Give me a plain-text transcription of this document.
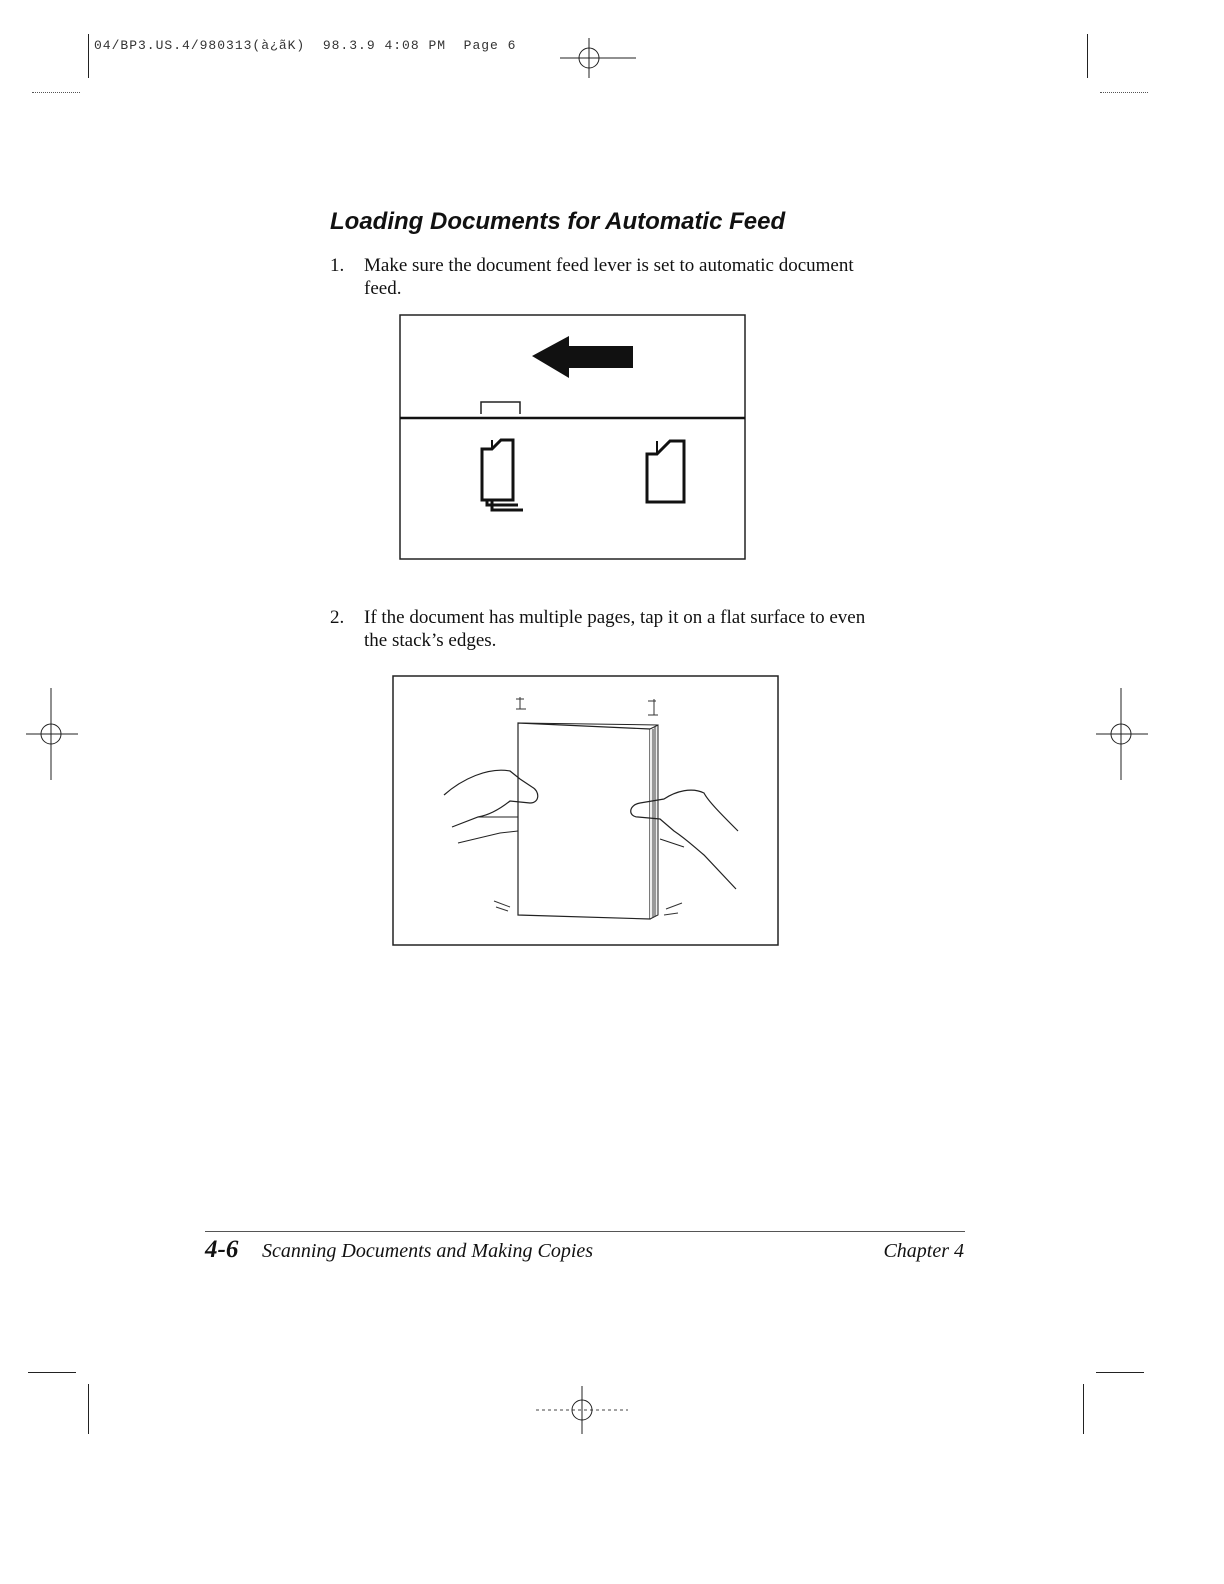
04/BP3.US.4/980313(à¿ãK)  98.3.9 4:08 PM  Page 6
Loading Documents for Automatic Feed
1.	Make sure the document feed lever is set to automatic document
feed.
2.	If the document has multiple pages, tap it on a flat surface to even
the stack’s edges.
4-6 Scanning Documents and Making Copies	Chapter 4
